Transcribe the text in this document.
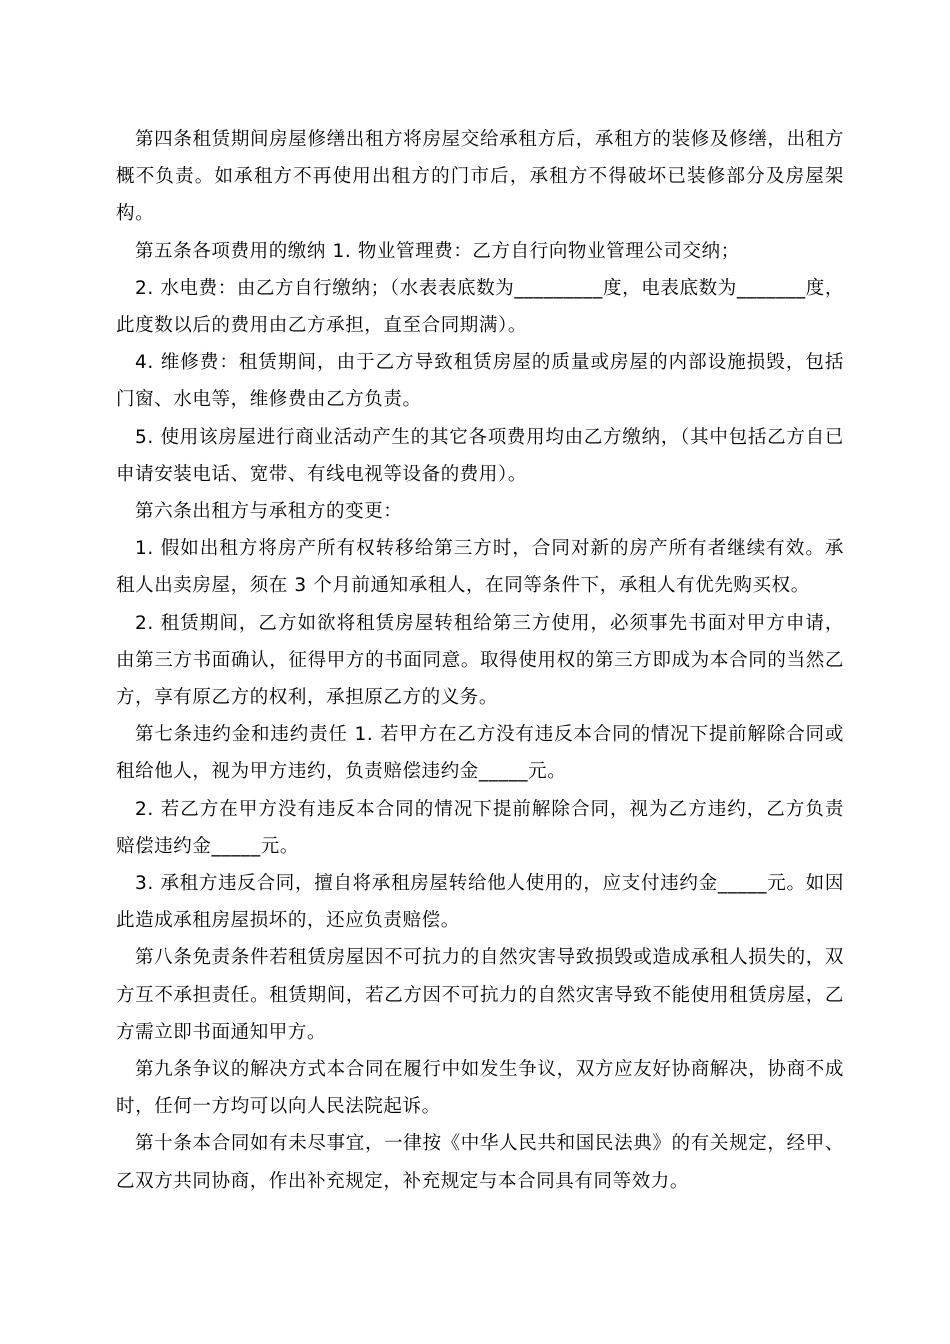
第四条租赁期间房屋修缮出租方将房屋交给承租方后，承租方的装修及修缮，出租方概不负责。如承租方不再使用出租方的门市后，承租方不得破坏已装修部分及房屋架构。

第五条各项费用的缴纳 1. 物业管理费：乙方自行向物业管理公司交纳；

2. 水电费：由乙方自行缴纳；（水表表底数为_________度，电表底数为_______度，此度数以后的费用由乙方承担，直至合同期满）。

4. 维修费：租赁期间，由于乙方导致租赁房屋的质量或房屋的内部设施损毁，包括门窗、水电等，维修费由乙方负责。

5. 使用该房屋进行商业活动产生的其它各项费用均由乙方缴纳，（其中包括乙方自已申请安装电话、宽带、有线电视等设备的费用）。

第六条出租方与承租方的变更：

1. 假如出租方将房产所有权转移给第三方时，合同对新的房产所有者继续有效。承租人出卖房屋，须在 3 个月前通知承租人，在同等条件下，承租人有优先购买权。

2. 租赁期间，乙方如欲将租赁房屋转租给第三方使用，必须事先书面对甲方申请，由第三方书面确认，征得甲方的书面同意。取得使用权的第三方即成为本合同的当然乙方，享有原乙方的权利，承担原乙方的义务。

第七条违约金和违约责任 1. 若甲方在乙方没有违反本合同的情况下提前解除合同或租给他人，视为甲方违约，负责赔偿违约金_____元。

2. 若乙方在甲方没有违反本合同的情况下提前解除合同，视为乙方违约，乙方负责赔偿违约金_____元。

3. 承租方违反合同，擅自将承租房屋转给他人使用的，应支付违约金_____元。如因此造成承租房屋损坏的，还应负责赔偿。

第八条免责条件若租赁房屋因不可抗力的自然灾害导致损毁或造成承租人损失的，双方互不承担责任。租赁期间，若乙方因不可抗力的自然灾害导致不能使用租赁房屋，乙方需立即书面通知甲方。

第九条争议的解决方式本合同在履行中如发生争议，双方应友好协商解决，协商不成时，任何一方均可以向人民法院起诉。

第十条本合同如有未尽事宜，一律按《中华人民共和国民法典》的有关规定，经甲、乙双方共同协商，作出补充规定，补充规定与本合同具有同等效力。
